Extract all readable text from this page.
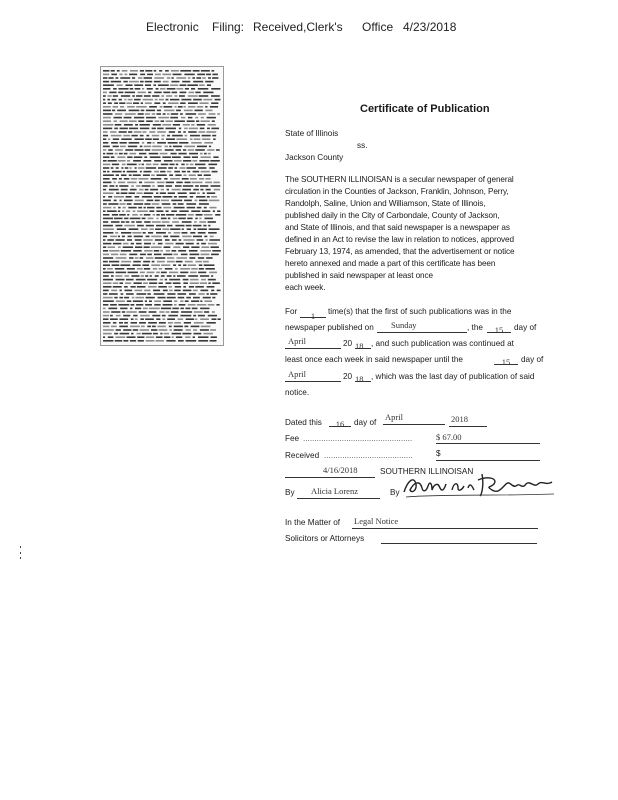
Electronic Filing: Received,Clerk's Office 4/23/2018
Certificate of Publication
State of Illinois
ss.
Jackson County
The SOUTHERN ILLINOISAN is a secular newspaper of general
circulation in the Counties of Jackson, Franklin, Johnson, Perry,
Randolph, Saline, Union and Williamson, State of Illinois,
published daily in the City of Carbondale, County of Jackson,
and State of Illinois, and that said newspaper is a newspaper as
defined in an Act to revise the law in relation to notices, approved
February 13, 1974, as amended, that the advertisement or notice
hereto annexed and made a part of this certificate has been
published in said newspaper at least once
each week.
For	1	time(s) that the first of such publications was in the
newspaper published on Sunday	, the	15	day of
April	20 18 , and such publication was continued at
least once each week in said newspaper until the	15	day of
April	20 18 , which was the last day of publication of said
notice.
Dated this	16	day of
April	2018
Fee ................................................	$ 67.00
Received .......................................	$
4/16/2018	SOUTHERN ILLINOISAN
By Alicia Lorenz	By
In the Matter of Legal Notice
Solicitors or Attorneys
